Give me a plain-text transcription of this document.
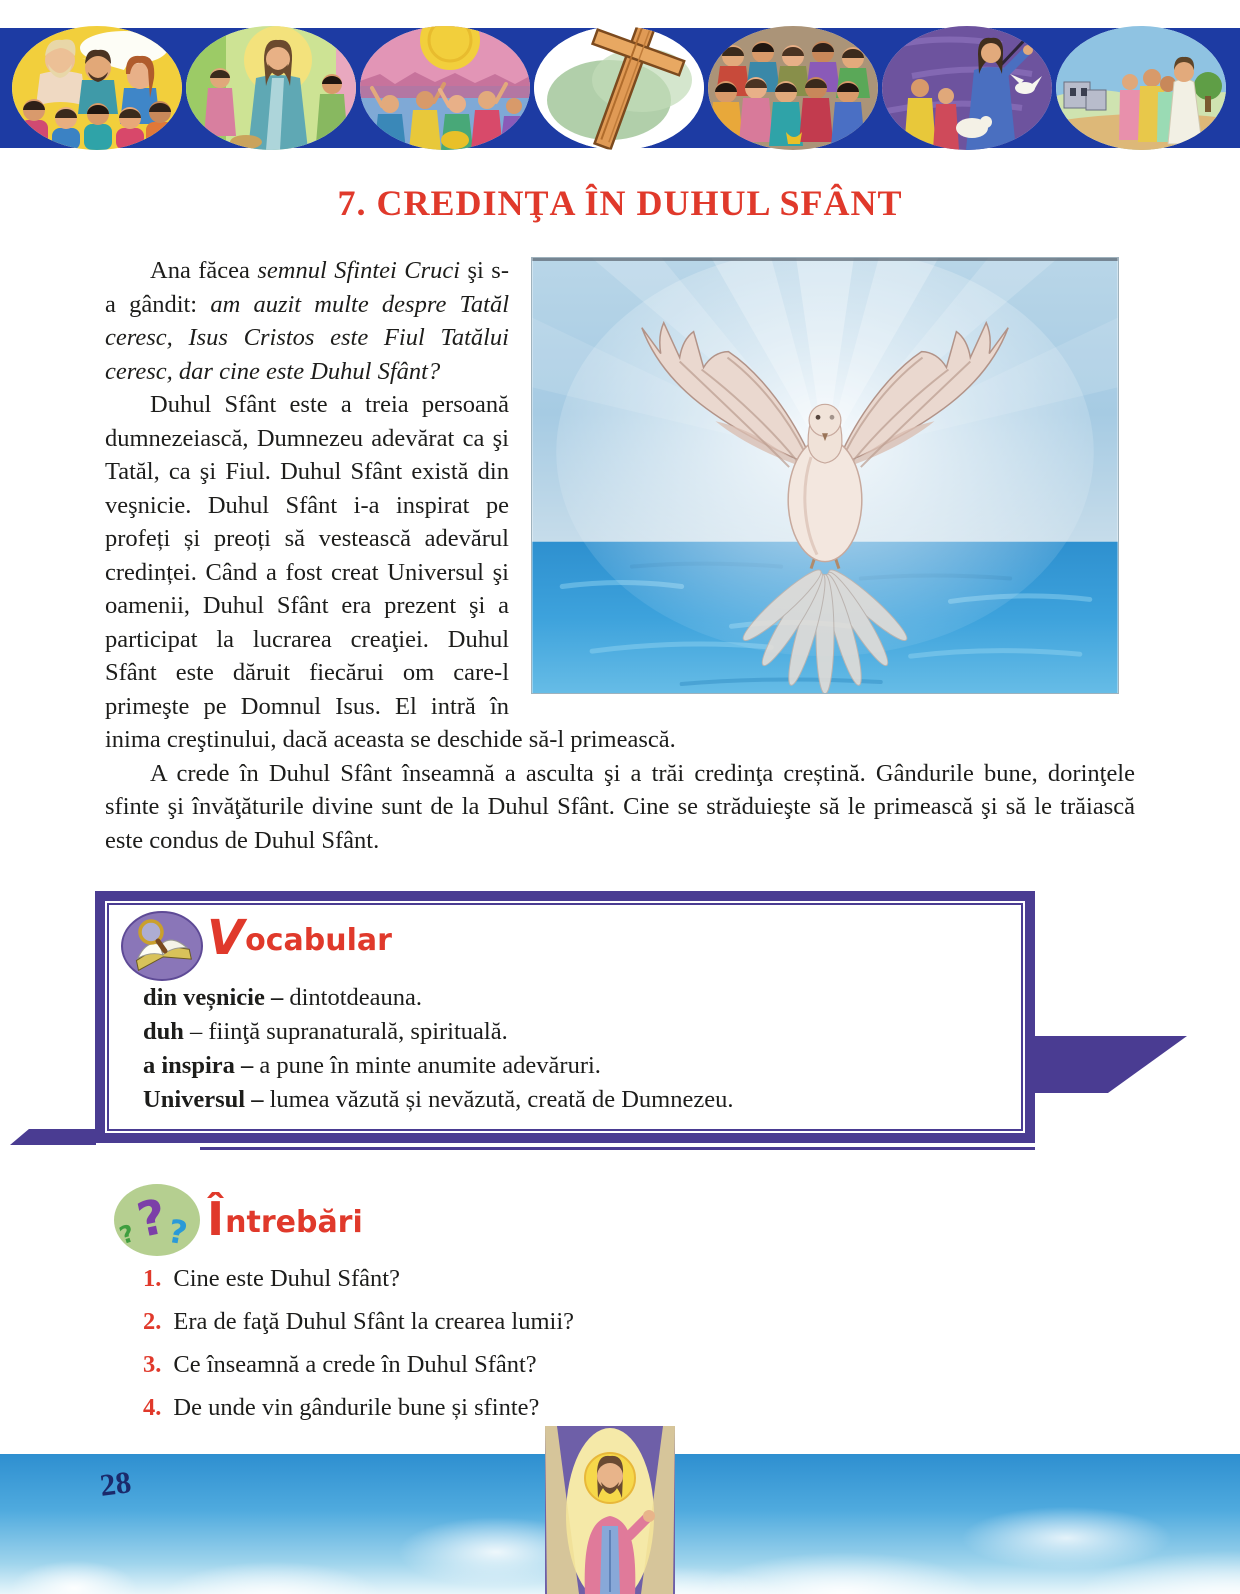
7. CREDINŢA ÎN DUHUL SFÂNT

Ana făcea semnul Sfintei Cruci şi s-a gândit: am auzit multe despre Tatăl ceresc, Isus Cristos este Fiul Tatălui ceresc, dar cine este Duhul Sfânt?

Duhul Sfânt este a treia persoană dumnezeiască, Dumnezeu adevărat ca şi Tatăl, ca şi Fiul. Duhul Sfânt există din veşnicie. Duhul Sfânt i-a inspirat pe profeți și preoți să vestească adevărul credinței. Când a fost creat Universul şi oamenii, Duhul Sfânt era prezent şi a participat la lucrarea creaţiei. Duhul Sfânt este dăruit fiecărui om care-l primeşte pe Domnul Isus. El intră în inima creştinului, dacă aceasta se deschide să-l primească.

A crede în Duhul Sfânt înseamnă a asculta şi a trăi credinţa creștină. Gândurile bune, dorinţele sfinte şi învăţăturile divine sunt de la Duhul Sfânt. Cine se străduieşte să le primească şi să le trăiască este condus de Duhul Sfânt.

Vocabular
din veșnicie – dintotdeauna.
duh – fiinţă supranaturală, spirituală.
a inspira – a pune în minte anumite adevăruri.
Universul – lumea văzută și nevăzută, creată de Dumnezeu.
?
?
? Întrebări
1. Cine este Duhul Sfânt?
2. Era de faţă Duhul Sfânt la crearea lumii?
3. Ce înseamnă a crede în Duhul Sfânt?
4. De unde vin gândurile bune și sfinte?
28
